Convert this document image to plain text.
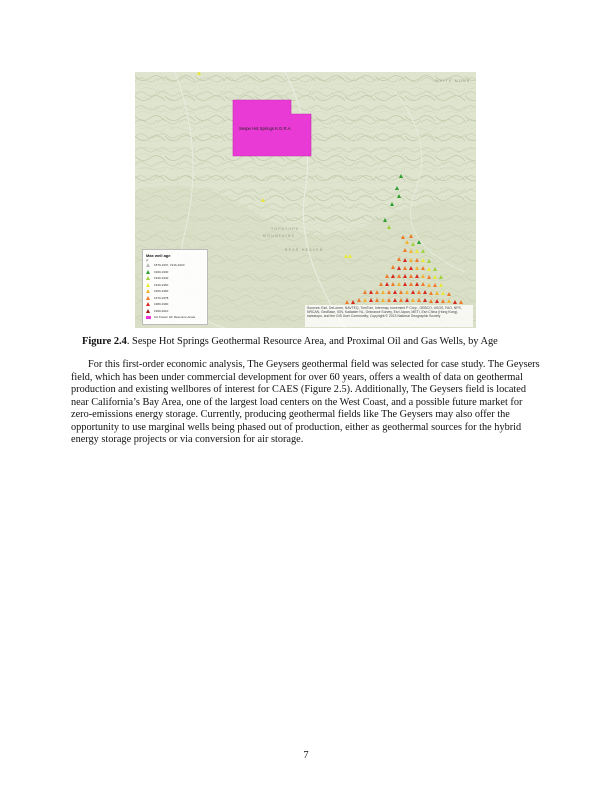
Sespe Hot Springs K.G.R.A.
WHITE MOUN
TOPATOPA
MOUNTAINS
BEAR HEAVEN
Max well age
yr
1879-1907, 1916-1920
1900-1930
1930-1940
1940-1950
1950-1960
1970-1978
1980-1990
1990-2010
CA Known GF Resource Areas
Sources: Esri, DeLorme, NAVTEQ, TomTom, Intermap, increment P Corp., GEBCO, USGS, FAO, NPS, NRCAN, GeoBase, IGN, Kadaster NL, Ordnance Survey, Esri Japan, METI, Esri China (Hong Kong), swisstopo, and the GIS User Community; Copyright:© 2013 National Geographic Society
Figure 2.4. Sespe Hot Springs Geothermal Resource Area, and Proximal Oil and Gas Wells, by Age

For this first-order economic analysis, The Geysers geothermal field was selected for case study. The Geysers field, which has been under commercial development for over 60 years, offers a wealth of data on geothermal production and existing wellbores of interest for CAES (Figure 2.5). Additionally, The Geysers field is located near California’s Bay Area, one of the largest load centers on the West Coast, and a possible future market for zero-emissions energy storage. Currently, producing geothermal fields like The Geysers may also offer the opportunity to use marginal wells being phased out of production, either as geothermal sources for the hybrid energy storage projects or via conversion for air storage.

7
